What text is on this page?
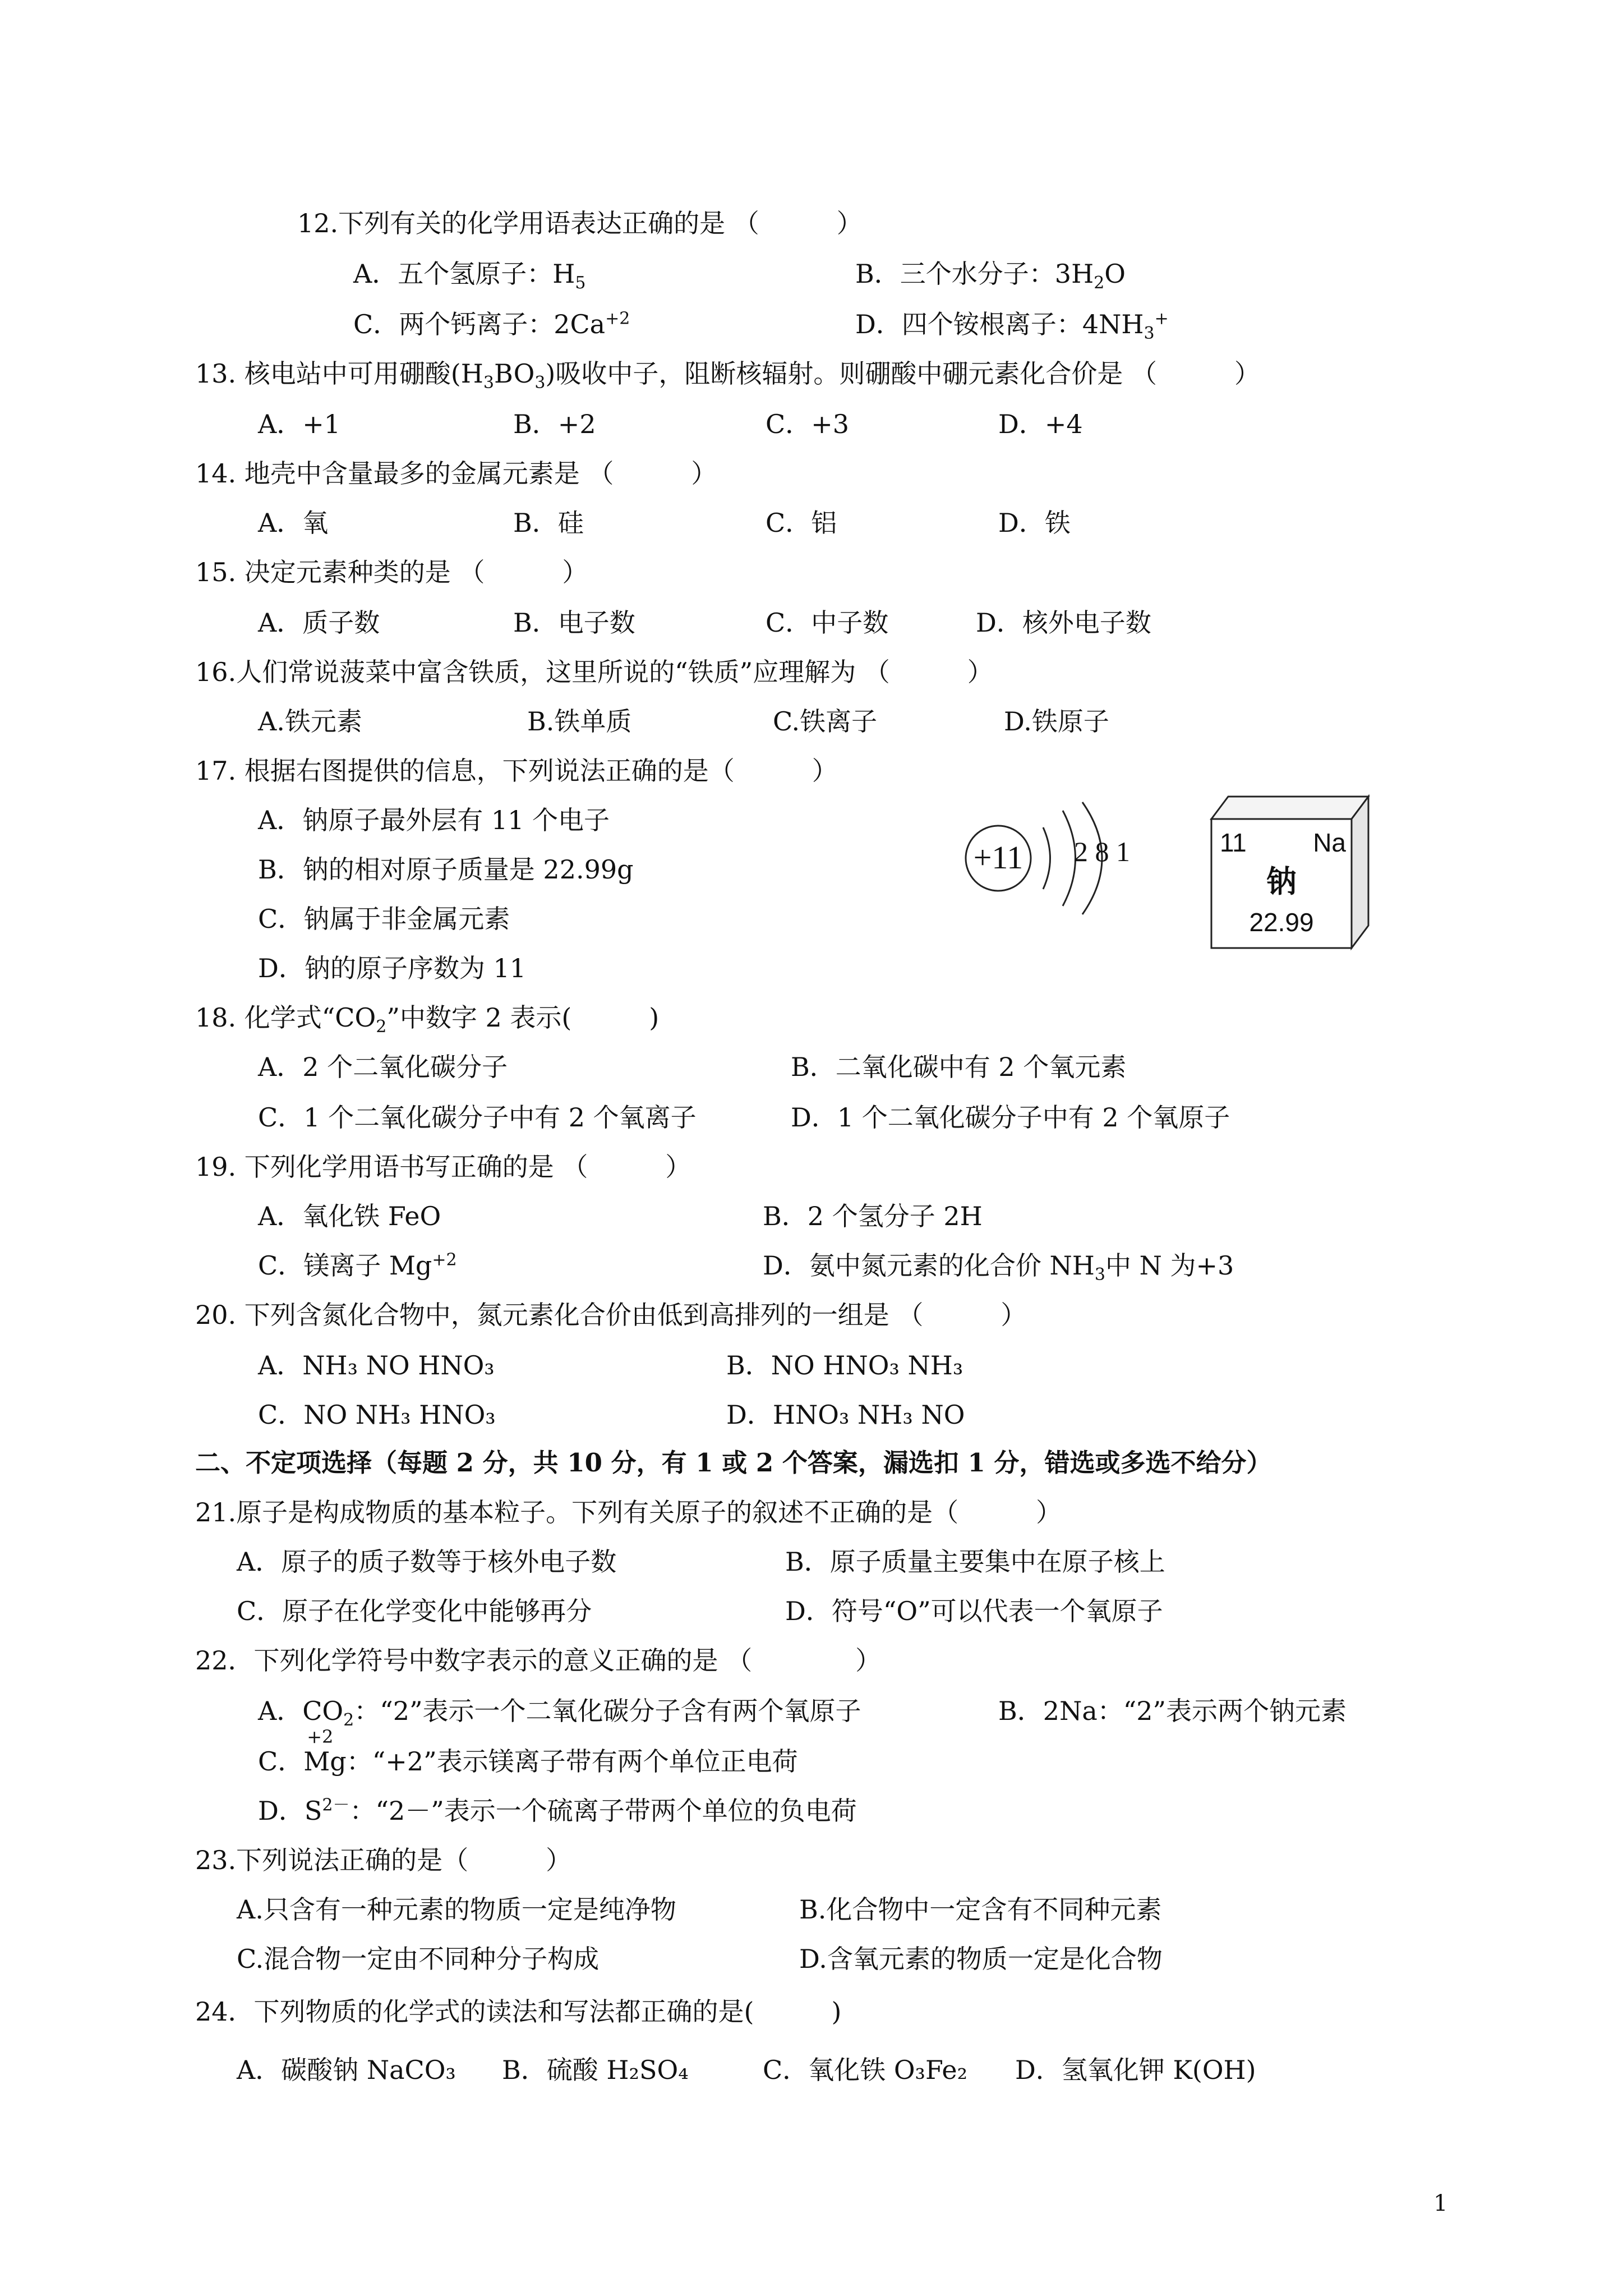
12.下列有关的化学用语表达正确的是 （　　　）
A．五个氢原子：$H_5$	B．三个水分子：$3H_2O$
C．两个钙离子：$2Ca^{+2}$	D．四个铵根离子：$4NH_3^+$
13. 核电站中可用硼酸$(H_3BO_3)$吸收中子，阻断核辐射。则硼酸中硼元素化合价是 （　　　）
A．+1	B．+2	C．+3	D．+4
14. 地壳中含量最多的金属元素是 （　　　）
A．氧	B．硅	C．铝	D．铁
15. 决定元素种类的是 （　　　）
A．质子数	B．电子数	C．中子数	D．核外电子数
16.人们常说菠菜中富含铁质，这里所说的“铁质”应理解为 （　　　）
A.铁元素	B.铁单质	C.铁离子	D.铁原子
17. 根据右图提供的信息，下列说法正确的是（　　　）
A．钠原子最外层有 11 个电子
B．钠的相对原子质量是 22.99g
C．钠属于非金属元素
D．钠的原子序数为 11
+11 2 8 1	11	Na
钠
22.99
18. 化学式“$CO_2$”中数字 2 表示(　　　)
A．2 个二氧化碳分子	B．二氧化碳中有 2 个氧元素
C．1 个二氧化碳分子中有 2 个氧离子	D．1 个二氧化碳分子中有 2 个氧原子
19. 下列化学用语书写正确的是 （　　　）
A．氧化铁 FeO	B．2 个氢分子 2H
C．镁离子 $Mg^{+2}$	D．氨中氮元素的化合价 $NH_3$中 N 为+3
20. 下列含氮化合物中，氮元素化合价由低到高排列的一组是 （　　　）
A．NH₃ NO HNO₃	B．NO HNO₃ NH₃
C．NO NH₃ HNO₃	D．HNO₃ NH₃ NO
二、不定项选择（每题 2 分，共 10 分，有 1 或 2 个答案，漏选扣 1 分，错选或多选不给分）
21.原子是构成物质的基本粒子。下列有关原子的叙述不正确的是（　　　）
A．原子的质子数等于核外电子数	B．原子质量主要集中在原子核上
C．原子在化学变化中能够再分	D．符号“O”可以代表一个氧原子
22．下列化学符号中数字表示的意义正确的是 （　　　　）
A．$CO_2$：“2”表示一个二氧化碳分子含有两个氧原子	B．2Na：“2”表示两个钠元素
C．
+2
Mg：“+2”表示镁离子带有两个单位正电荷
D．$S^{2-}$：“2－”表示一个硫离子带两个单位的负电荷
23.下列说法正确的是（　　　）
A.只含有一种元素的物质一定是纯净物	B.化合物中一定含有不同种元素
C.混合物一定由不同种分子构成	D.含氧元素的物质一定是化合物
24．下列物质的化学式的读法和写法都正确的是(　　　)
A．碳酸钠 NaCO₃ B．硫酸 H₂SO₄	C．氧化铁 O₃Fe₂ D．氢氧化钾 K(OH)
1
